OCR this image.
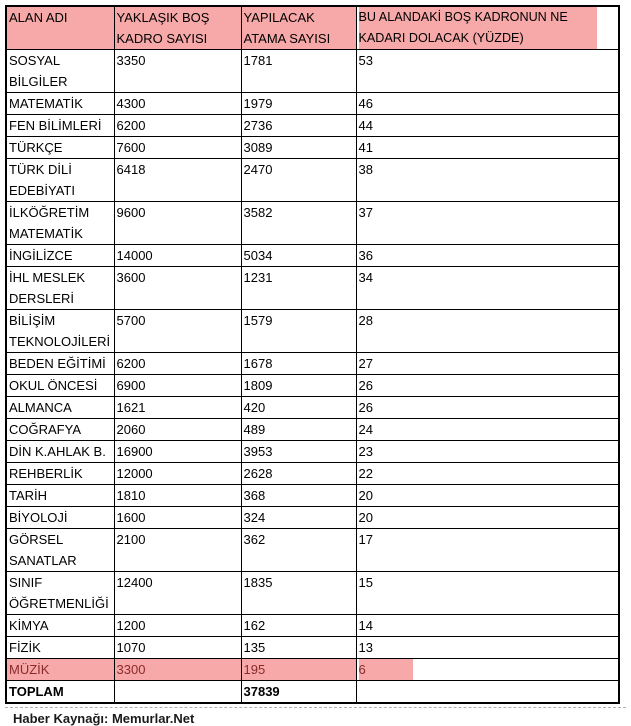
ALAN ADI	YAKLAŞIK BOŞ KADRO SAYISI	YAPILACAK ATAMA SAYISI	BU ALANDAKİ BOŞ KADRONUN NE KADARI DOLACAK (YÜZDE)
SOSYAL BİLGİLER	3350	1781	53
MATEMATİK	4300	1979	46
FEN BİLİMLERİ	6200	2736	44
TÜRKÇE	7600	3089	41
TÜRK DİLİ EDEBİYATI	6418	2470	38
İLKÖĞRETİM MATEMATİK	9600	3582	37
İNGİLİZCE	14000	5034	36
İHL MESLEK DERSLERİ	3600	1231	34
BİLİŞİM TEKNOLOJİLERİ	5700	1579	28
BEDEN EĞİTİMİ	6200	1678	27
OKUL ÖNCESİ	6900	1809	26
ALMANCA	1621	420	26
COĞRAFYA	2060	489	24
DİN K.AHLAK B.	16900	3953	23
REHBERLİK	12000	2628	22
TARİH	1810	368	20
BİYOLOJİ	1600	324	20
GÖRSEL SANATLAR	2100	362	17
SINIF ÖĞRETMENLİĞİ	12400	1835	15
KİMYA	1200	162	14
FİZİK	1070	135	13
MÜZİK	3300	195	6
TOPLAM		37839	
Haber Kaynağı: Memurlar.Net
